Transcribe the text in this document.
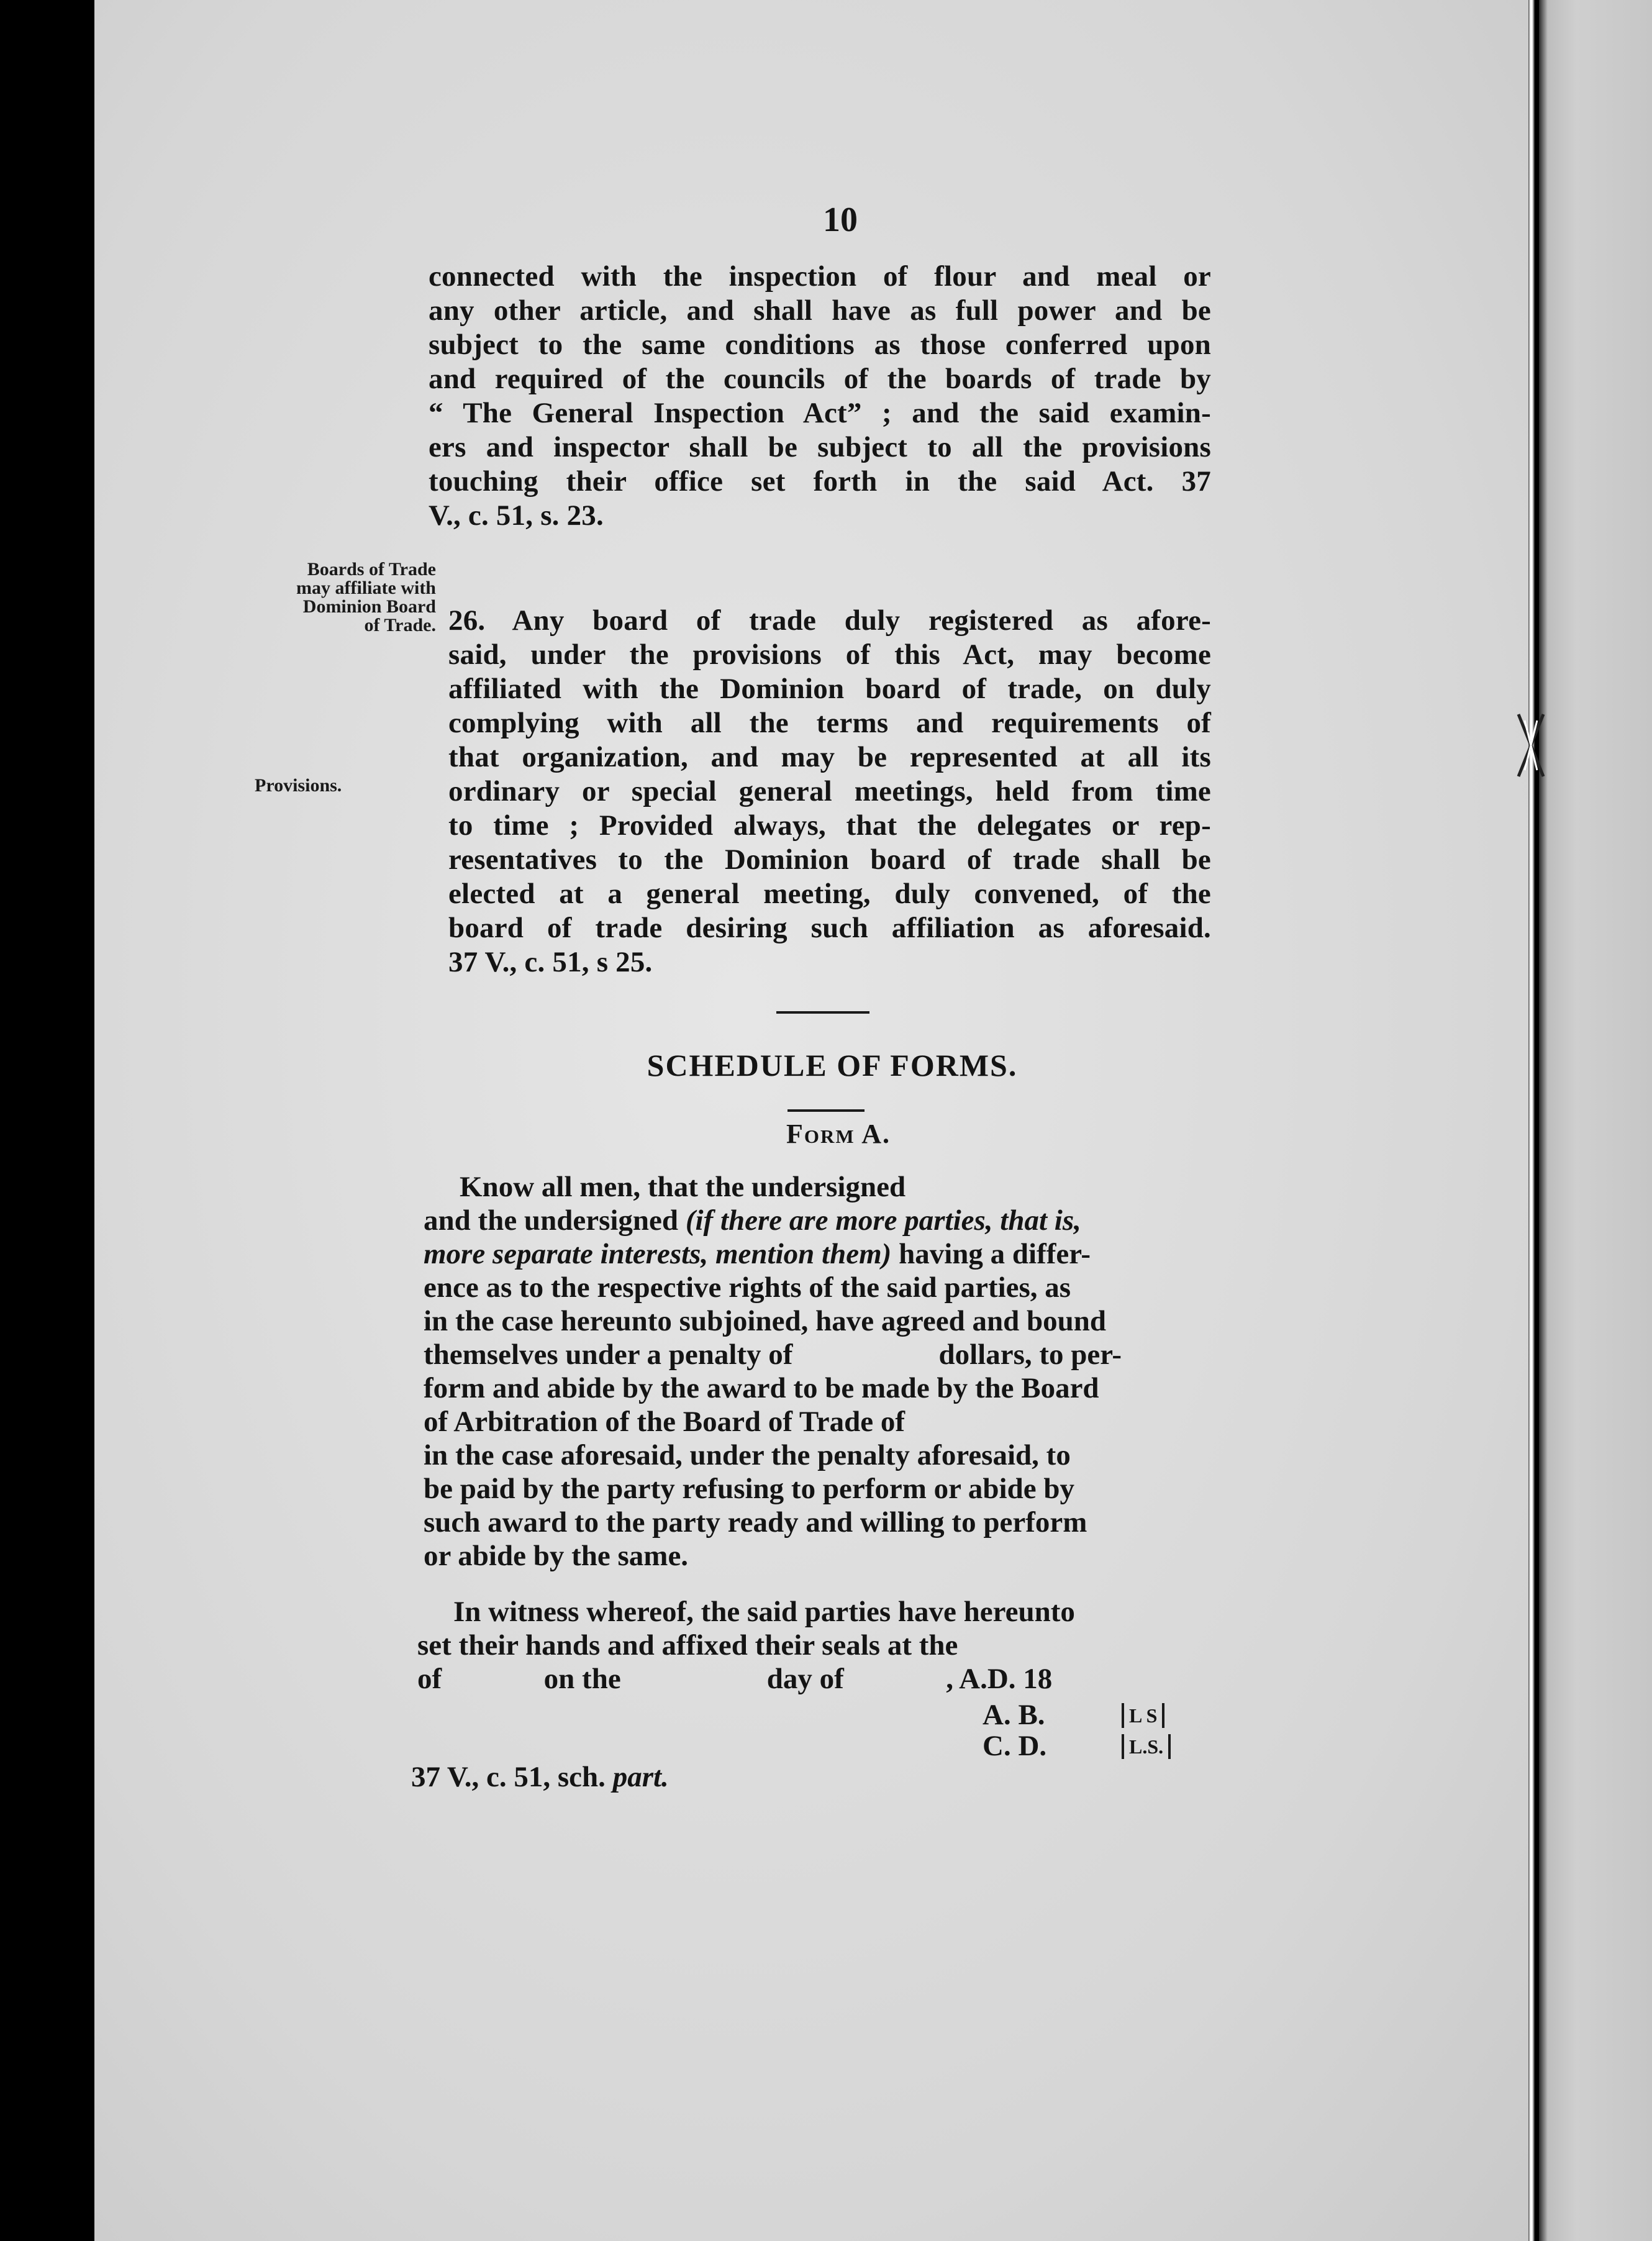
10
connected with the inspection of flour and meal or
any other article, and shall have as full power and be
subject to the same conditions as those conferred upon
and required of the councils of the boards of trade by
“ The General Inspection Act” ; and the said examin-
ers and inspector shall be subject to all the provisions
touching their office set forth in the said Act. 37
V., c. 51, s. 23.
Boards of Trade
may affiliate with
Dominion Board
of Trade.
Provisions.
26. Any board of trade duly registered as afore-
said, under the provisions of this Act, may become
affiliated with the Dominion board of trade, on duly
complying with all the terms and requirements of
that organization, and may be represented at all its
ordinary or special general meetings, held from time
to time ; Provided always, that the delegates or rep-
resentatives to the Dominion board of trade shall be
elected at a general meeting, duly convened, of the
board of trade desiring such affiliation as aforesaid.
37 V., c. 51, s 25.
SCHEDULE OF FORMS.
Form A.
Know all men, that the undersigned
and the undersigned (if there are more parties, that is,
more separate interests, mention them) having a differ-
ence as to the respective rights of the said parties, as
in the case hereunto subjoined, have agreed and bound
themselves under a penalty of                    dollars, to per-
form and abide by the award to be made by the Board
of Arbitration of the Board of Trade of
in the case aforesaid, under the penalty aforesaid, to
be paid by the party refusing to perform or abide by
such award to the party ready and willing to perform
or abide by the same.
In witness whereof, the said parties have hereunto
set their hands and affixed their seals at the
of              on the                    day of              , A.D. 18
A. B.	L S
C. D.	L.S.
37 V., c. 51, sch. part.
